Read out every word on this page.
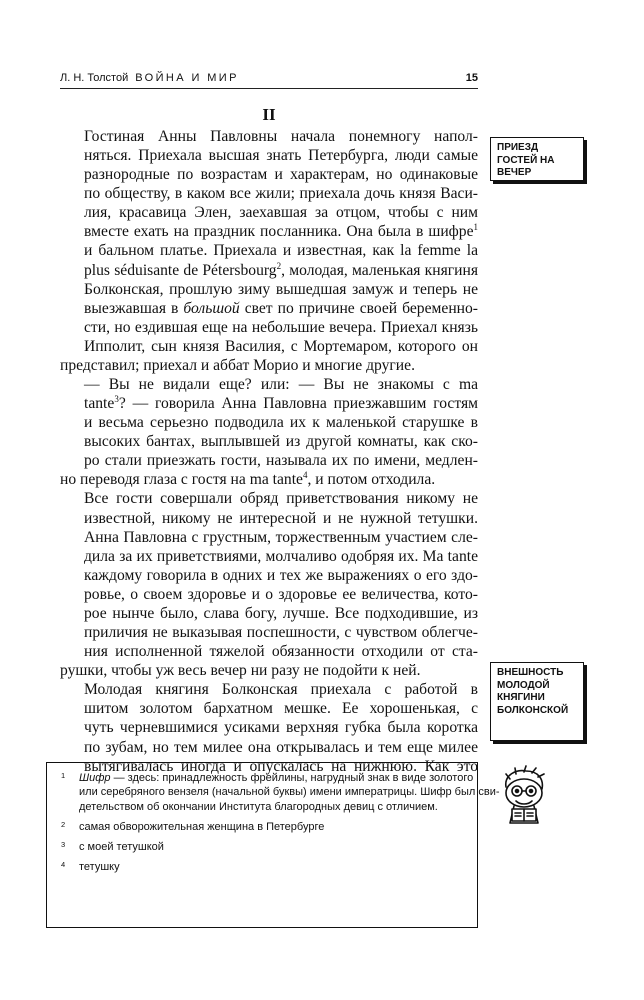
Л. Н. Толстой ВОЙНА И МИР	15
II
ПРИЕЗД ГОСТЕЙ НА ВЕЧЕР
ВНЕШНОСТЬ МОЛОДОЙ КНЯГИНИ БОЛКОНСКОЙ

Гостиная Анны Павловны начала понемногу напол-
няться. Приехала высшая знать Петербурга, люди самые
разнородные по возрастам и характерам, но одинаковые
по обществу, в каком все жили; приехала дочь князя Васи-
лия, красавица Элен, заехавшая за отцом, чтобы с ним
вместе ехать на праздник посланника. Она была в шифре$^1$
и бальном платье. Приехала и известная, как la femme la
plus séduisante de Pétersbourg$^2$, молодая, маленькая княгиня
Болконская, прошлую зиму вышедшая замуж и теперь не
выезжавшая в большой свет по причине своей беременно-
сти, но ездившая еще на небольшие вечера. Приехал князь
Ипполит, сын князя Василия, с Мортемаром, которого он
представил; приехал и аббат Морио и многие другие.

— Вы не видали еще? или: — Вы не знакомы с ma
tante$^3$? — говорила Анна Павловна приезжавшим гостям
и весьма серьезно подводила их к маленькой старушке в
высоких бантах, выплывшей из другой комнаты, как ско-
ро стали приезжать гости, называла их по имени, медлен-
но переводя глаза с гостя на ma tante$^4$, и потом отходила.

Все гости совершали обряд приветствования никому не
известной, никому не интересной и не нужной тетушки.
Анна Павловна с грустным, торжественным участием сле-
дила за их приветствиями, молчаливо одобряя их. Ma tante
каждому говорила в одних и тех же выражениях о его здо-
ровье, о своем здоровье и о здоровье ее величества, кото-
рое нынче было, слава богу, лучше. Все подходившие, из
приличия не выказывая поспешности, с чувством облегче-
ния исполненной тяжелой обязанности отходили от ста-
рушки, чтобы уж весь вечер ни разу не подойти к ней.

Молодая княгиня Болконская приехала с работой в
шитом золотом бархатном мешке. Ее хорошенькая, с
чуть черневшимися усиками верхняя губка была коротка
по зубам, но тем милее она открывалась и тем еще милее
вытягивалась иногда и опускалась на нижнюю. Как это

1 Шифр — здесь: принадлежность фрейлины, нагрудный знак в виде золотого
или серебряного вензеля (начальной буквы) имени императрицы. Шифр был сви-
детельством об окончании Института благородных девиц с отличием.
2 самая обворожительная женщина в Петербурге
3 с моей тетушкой
4 тетушку
